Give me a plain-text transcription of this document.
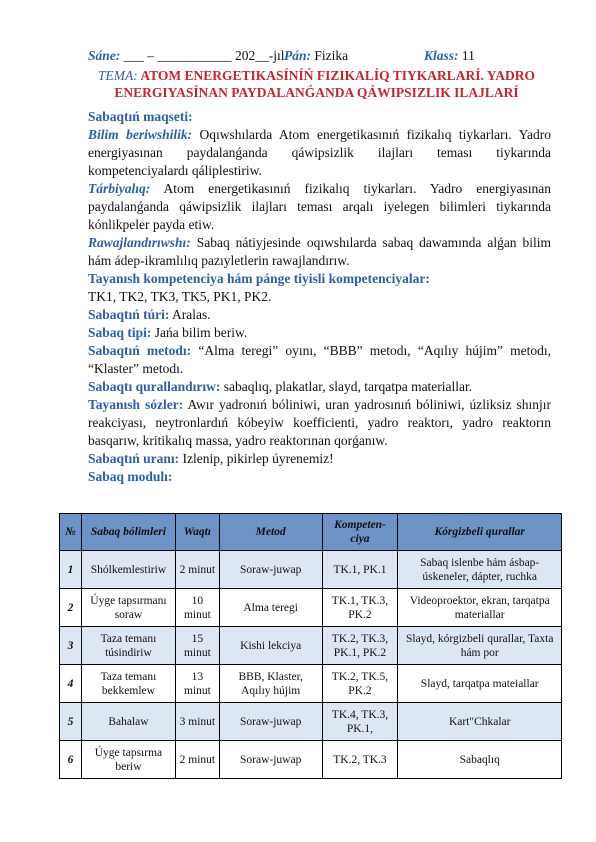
Sáne: ___ – ___________ 202__-jılPán: Fizika	Klass: 11
TEMA: ATOM ENERGETIKASÍNÍŃ FIZIKALÍQ TIYKARLARÍ. YADRO
ENERGIYASÍNAN PAYDALANǴANDA QÁWIPSIZLIK ILAJLARÍ

Sabaqtıń maqseti:

Bilim beriwshilik: Oqıwshılarda Atom energetikasınıń fizikalıq tiykarları. Yadro energiyasınan paydalanǵanda qáwipsizlik ilajları teması tiykarında kompetenciyalardı qáliplestiriw.

Tárbiyalıq: Atom energetikasınıń fizikalıq tiykarları. Yadro energiyasınan paydalanǵanda qáwipsizlik ilajları teması arqalı iyelegen bilimleri tiykarında kónlikpeler payda etiw.

Rawajlandırıwshı: Sabaq nátiyjesinde oqıwshılarda sabaq dawamında alǵan bilim hám ádep-ikramlılıq pazıyletlerin rawajlandırıw.

Tayanısh kompetenciya hám pánge tiyisli kompetenciyalar:

TK1, TK2, TK3, TK5, PK1, PK2.

Sabaqtıń túri: Aralas.

Sabaq tipi: Jańa bilim beriw.

Sabaqtıń metodı: “Alma teregi” oyını, “BBB” metodı, “Aqılıy hújim” metodı, “Klaster” metodı.

Sabaqtı qurallandırıw: sabaqlıq, plakatlar, slayd, tarqatpa materiallar.

Tayanısh sózler: Awır yadronıń bóliniwi, uran yadrosınıń bóliniwi, úzliksiz shınjır reakciyası, neytronlardıń kóbeyiw koefficienti, yadro reaktorı, yadro reaktorın basqarıw, kritikalıq massa, yadro reaktorınan qorǵanıw.

Sabaqtıń uranı: Izlenip, pikirlep úyrenemiz!

Sabaq modulı:

№	Sabaq bólimleri	Waqtı	Metod	Kompeten-ciya	Kórgizbeli qurallar
1	Shólkemlestiriw	2 minut	Soraw-juwap	TK.1, PK.1	Sabaq islenbe hám ásbap-úskeneler, dápter, ruchka
2	Úyge tapsırmanı soraw	10 minut	Alma teregi	TK.1, TK.3, PK.2	Videoproektor, ekran, tarqatpa materiallar
3	Taza temanı túsindiriw	15 minut	Kishi lekciya	TK.2, TK.3, PK.1, PK.2	Slayd, kórgizbeli qurallar, Taxta hám por
4	Taza temanı bekkemlew	13 minut	BBB, Klaster, Aqılıy hújim	TK.2, TK.5, PK.2	Slayd, tarqatpa mateiallar
5	Bahalaw	3 minut	Soraw-juwap	TK.4, TK.3, PK.1,	Kart"Chkalar
6	Úyge tapsırma beriw	2 minut	Soraw-juwap	TK.2, TK.3	Sabaqlıq
